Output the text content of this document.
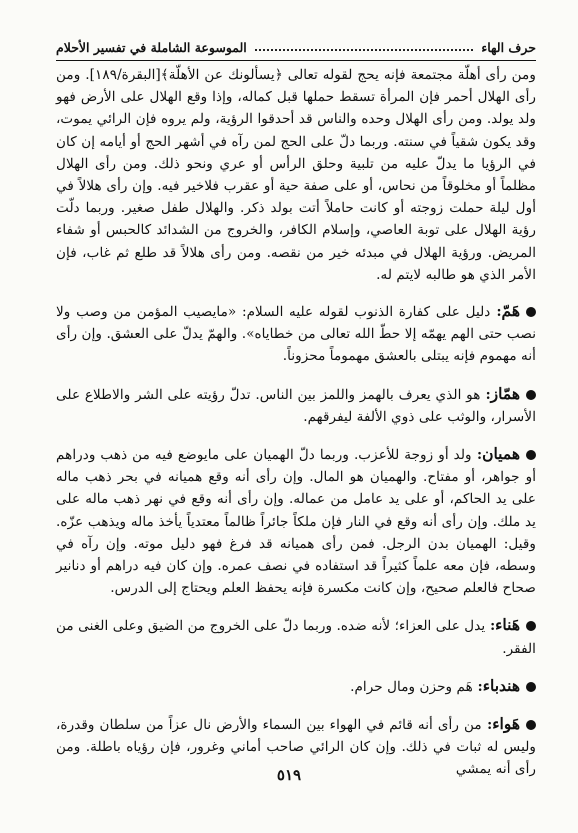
الموسوعة الشاملة في تفسير الأحلام	حرف الهاء

ومن رأى أهلّة مجتمعة فإنه يحج لقوله تعالى ﴿يسألونك عن الأهلّة﴾[البقرة/١٨٩]. ومن رأى الهلال أحمر فإن المرأة تسقط حملها قبل كماله، وإذا وقع الهلال على الأرض فهو ولد يولد. ومن رأى الهلال وحده والناس قد أحدقوا الرؤية، ولم يروه فإن الرائي يموت، وقد يكون شقياً في سنته. وربما دلّ على الحج لمن رآه في أشهر الحج أو أيامه إن كان في الرؤيا ما يدلّ عليه من تلبية وحلق الرأس أو عري ونحو ذلك. ومن رأى الهلال مظلماً أو مخلوقاً من نحاس، أو على صفة حية أو عقرب فلاخير فيه. وإن رأى هلالاً في أول ليلة حملت زوجته أو كانت حاملاً أتت بولد ذكر. والهلال طفل صغير. وربما دلّت رؤية الهلال على توبة العاصي، وإسلام الكافر، والخروج من الشدائد كالحبس أو شفاء المريض. ورؤية الهلال في مبدئه خير من نقصه. ومن رأى هلالاً قد طلع ثم غاب، فإن الأمر الذي هو طالبه لايتم له.

هَمّ: دليل على كفارة الذنوب لقوله عليه السلام: «مايصيب المؤمن من وصب ولا نصب حتى الهم يهمّه إلا حطّ الله تعالى من خطاياه». والهمّ يدلّ على العشق. وإن رأى أنه مهموم فإنه يبتلى بالعشق مهموماً محزوناً.

همّاز: هو الذي يعرف بالهمز واللمز بين الناس. تدلّ رؤيته على الشر والاطلاع على الأسرار، والوثب على ذوي الألفة ليفرقهم.

هميان: ولد أو زوجة للأعزب. وربما دلّ الهميان على مايوضع فيه من ذهب ودراهم أو جواهر، أو مفتاح. والهميان هو المال. وإن رأى أنه وقع هميانه في بحر ذهب ماله على يد الحاكم، أو على يد عامل من عماله. وإن رأى أنه وقع في نهر ذهب ماله على يد ملك. وإن رأى أنه وقع في النار فإن ملكاً جائراً ظالماً معتدياً يأخذ ماله ويذهب عزّه. وقيل: الهميان بدن الرجل. فمن رأى هميانه قد فرغ فهو دليل موته. وإن رآه في وسطه، فإن معه علماً كثيراً قد استفاده في نصف عمره. وإن كان فيه دراهم أو دنانير صحاح فالعلم صحيح، وإن كانت مكسرة فإنه يحفظ العلم ويحتاج إلى الدرس.

هَناء: يدل على العزاء؛ لأنه ضده. وربما دلّ على الخروج من الضيق وعلى الغنى من الفقر.

هندباء: هَم وحزن ومال حرام.

هَواء: من رأى أنه قائم في الهواء بين السماء والأرض نال عزاً من سلطان وقدرة، وليس له ثبات في ذلك. وإن كان الرائي صاحب أماني وغرور، فإن رؤياه باطلة. ومن رأى أنه يمشي

٥١٩
